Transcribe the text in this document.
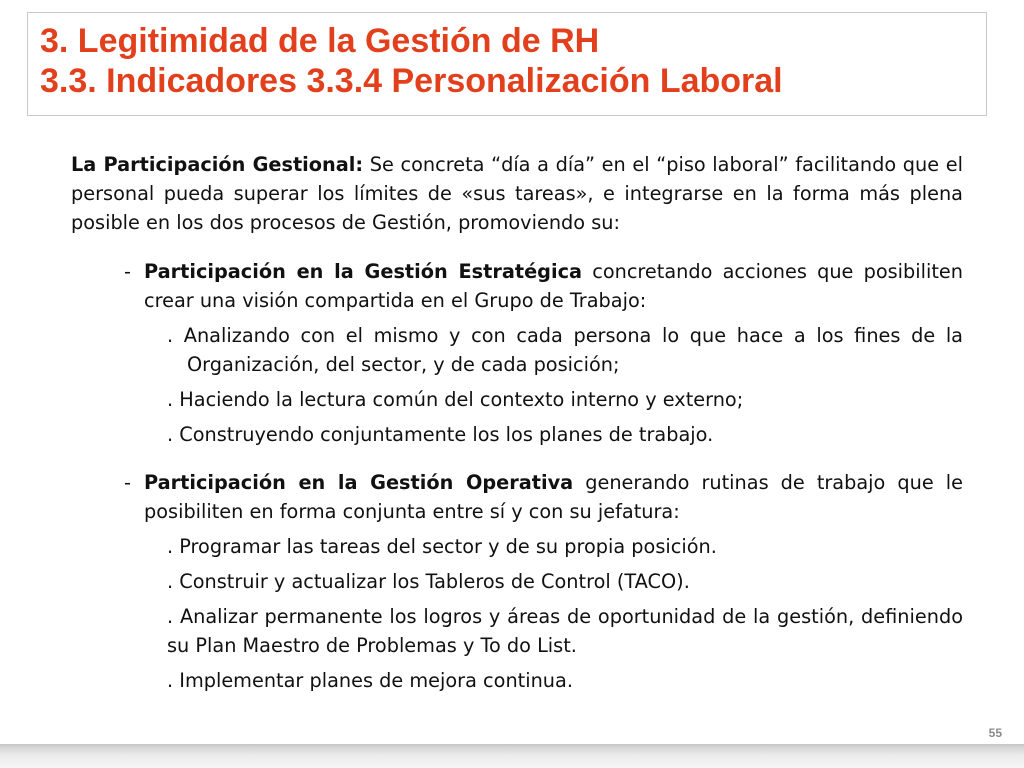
3. Legitimidad de la Gestión de RH
3.3. Indicadores 3.3.4 Personalización Laboral

La Participación Gestional: Se concreta “día a día” en el “piso laboral” facilitando que el personal pueda superar los límites de «sus tareas», e integrarse en la forma más plena posible en los dos procesos de Gestión, promoviendo su:

- Participación en la Gestión Estratégica concretando acciones que posibiliten crear una visión compartida en el Grupo de Trabajo:
. Analizando con el mismo y con cada persona lo que hace a los fines de la Organización, del sector, y de cada posición;
. Haciendo la lectura común del contexto interno y externo;
. Construyendo conjuntamente los los planes de trabajo.
- Participación en la Gestión Operativa generando rutinas de trabajo que le posibiliten en forma conjunta entre sí y con su jefatura:
. Programar las tareas del sector y de su propia posición.
. Construir y actualizar los Tableros de Control (TACO).
. Analizar permanente los logros y áreas de oportunidad de la gestión, definiendo su Plan Maestro de Problemas y To do List.
. Implementar planes de mejora continua.
55
